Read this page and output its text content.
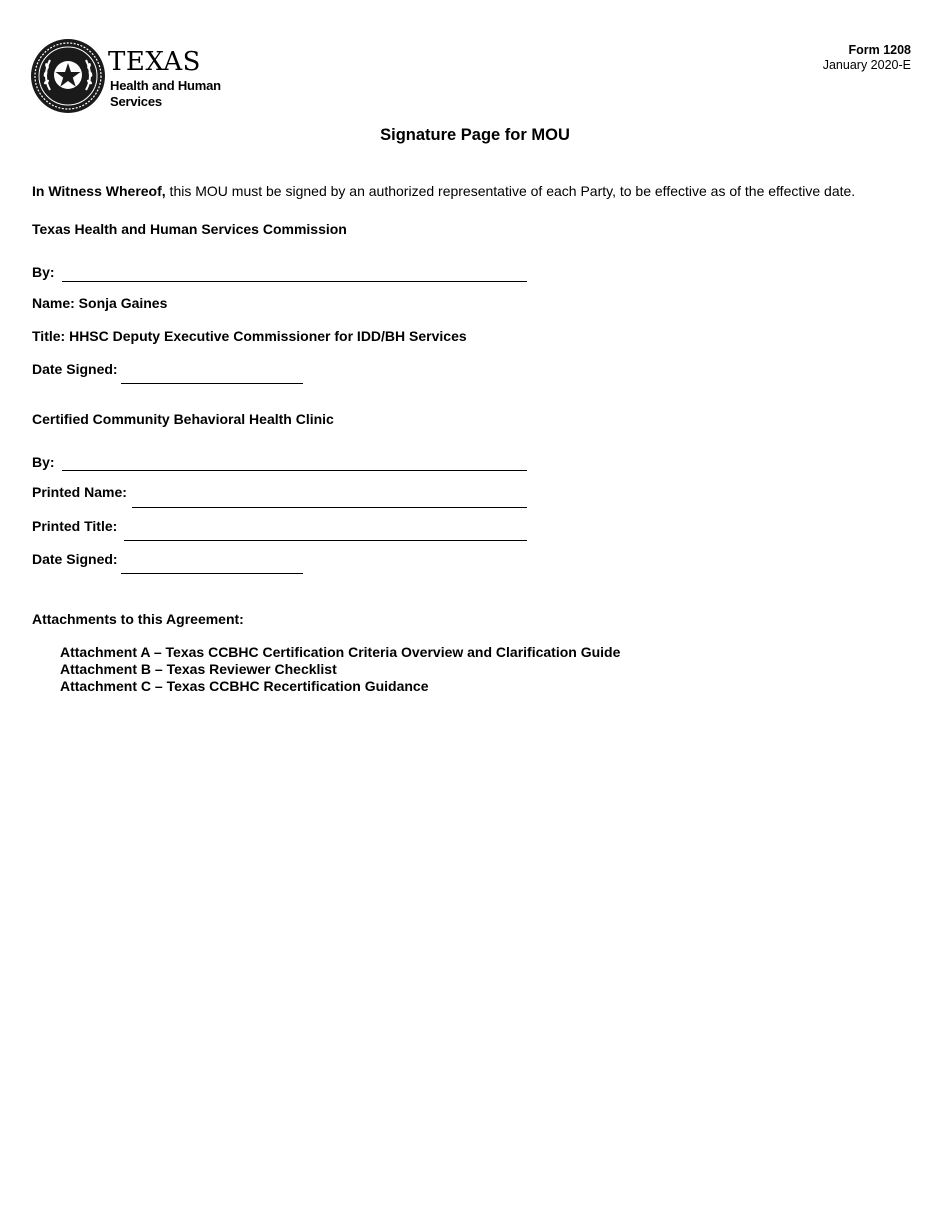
TEXAS
Health and Human
Services
Form 1208
January 2020-E
Signature Page for MOU
In Witness Whereof, this MOU must be signed by an authorized representative of each Party, to be effective as of the effective date.
Texas Health and Human Services Commission
By:
Name: Sonja Gaines
Title: HHSC Deputy Executive Commissioner for IDD/BH Services
Date Signed:
Certified Community Behavioral Health Clinic
By:
Printed Name:
Printed Title:
Date Signed:
Attachments to this Agreement:
Attachment A – Texas CCBHC Certification Criteria Overview and Clarification Guide
Attachment B – Texas Reviewer Checklist
Attachment C – Texas CCBHC Recertification Guidance
